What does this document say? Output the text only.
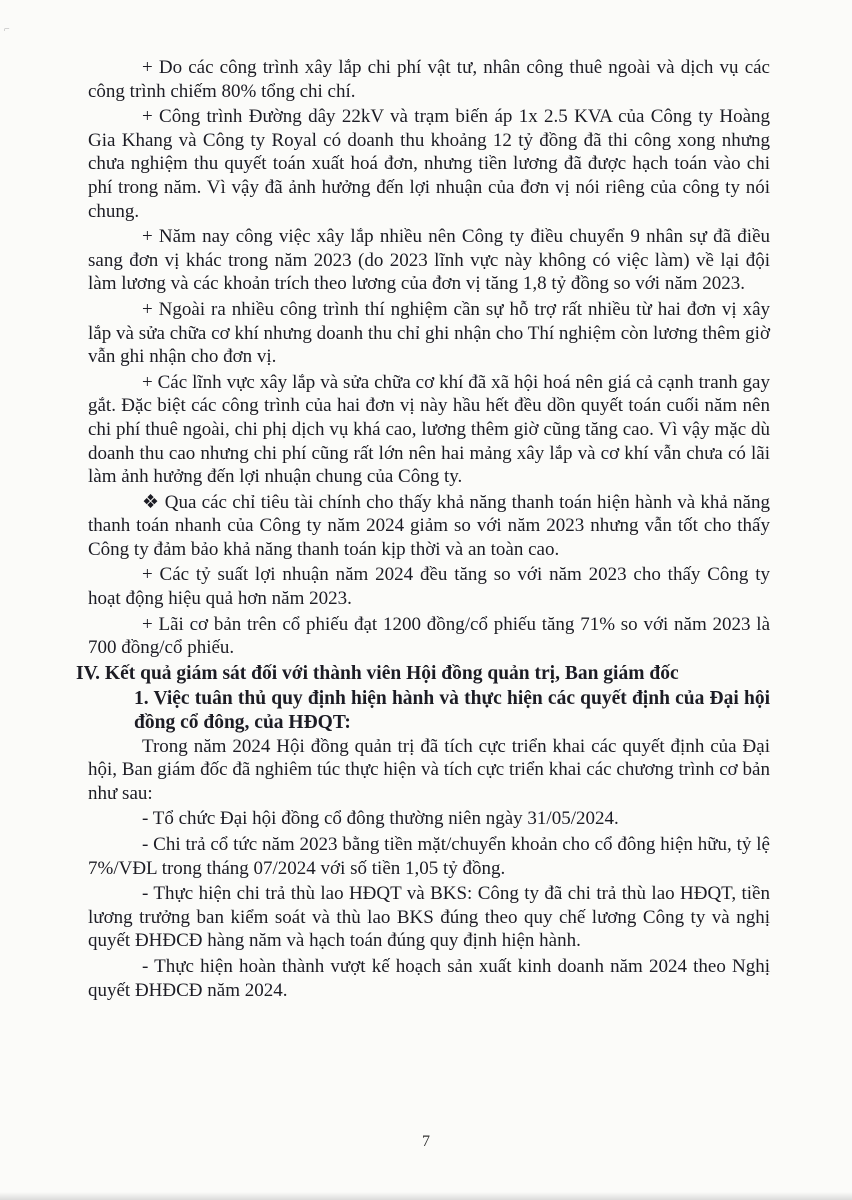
⌐

+ Do các công trình xây lắp chi phí vật tư, nhân công thuê ngoài và dịch vụ các công trình chiếm 80% tổng chi chí.

+ Công trình Đường dây 22kV và trạm biến áp 1x 2.5 KVA của Công ty Hoàng Gia Khang và Công ty Royal có doanh thu khoảng 12 tỷ đồng đã thi công xong nhưng chưa nghiệm thu quyết toán xuất hoá đơn, nhưng tiền lương đã được hạch toán vào chi phí trong năm. Vì vậy đã ảnh hưởng đến lợi nhuận của đơn vị nói riêng của công ty nói chung.

+ Năm nay công việc xây lắp nhiều nên Công ty điều chuyển 9 nhân sự đã điều sang đơn vị khác trong năm 2023 (do 2023 lĩnh vực này không có việc làm) về lại đội làm lương và các khoản trích theo lương của đơn vị tăng 1,8 tỷ đồng so với năm 2023.

+ Ngoài ra nhiều công trình thí nghiệm cần sự hỗ trợ rất nhiều từ hai đơn vị xây lắp và sửa chữa cơ khí nhưng doanh thu chỉ ghi nhận cho Thí nghiệm còn lương thêm giờ vẫn ghi nhận cho đơn vị.

+ Các lĩnh vực xây lắp và sửa chữa cơ khí đã xã hội hoá nên giá cả cạnh tranh gay gắt. Đặc biệt các công trình của hai đơn vị này hầu hết đều dồn quyết toán cuối năm nên chi phí thuê ngoài, chi phị dịch vụ khá cao, lương thêm giờ cũng tăng cao. Vì vậy mặc dù doanh thu cao nhưng chi phí cũng rất lớn nên hai mảng xây lắp và cơ khí vẫn chưa có lãi làm ảnh hưởng đến lợi nhuận chung của Công ty.

❖ Qua các chỉ tiêu tài chính cho thấy khả năng thanh toán hiện hành và khả năng thanh toán nhanh của Công ty năm 2024 giảm so với năm 2023 nhưng vẫn tốt cho thấy Công ty đảm bảo khả năng thanh toán kịp thời và an toàn cao.

+ Các tỷ suất lợi nhuận năm 2024 đều tăng so với năm 2023 cho thấy Công ty hoạt động hiệu quả hơn năm 2023.

+ Lãi cơ bản trên cổ phiếu đạt 1200 đồng/cổ phiếu tăng 71% so với năm 2023 là 700 đồng/cổ phiếu.

IV. Kết quả giám sát đối với thành viên Hội đồng quản trị, Ban giám đốc

1. Việc tuân thủ quy định hiện hành và thực hiện các quyết định của Đại hội đồng cổ đông, của HĐQT:

Trong năm 2024 Hội đồng quản trị đã tích cực triển khai các quyết định của Đại hội, Ban giám đốc đã nghiêm túc thực hiện và tích cực triển khai các chương trình cơ bản như sau:

- Tổ chức Đại hội đồng cổ đông thường niên ngày 31/05/2024.

- Chi trả cổ tức năm 2023 bằng tiền mặt/chuyển khoản cho cổ đông hiện hữu, tỷ lệ 7%/VĐL trong tháng 07/2024 với số tiền 1,05 tỷ đồng.

- Thực hiện chi trả thù lao HĐQT và BKS: Công ty đã chi trả thù lao HĐQT, tiền lương trưởng ban kiểm soát và thù lao BKS đúng theo quy chế lương Công ty và nghị quyết ĐHĐCĐ hàng năm và hạch toán đúng quy định hiện hành.

- Thực hiện hoàn thành vượt kế hoạch sản xuất kinh doanh năm 2024 theo Nghị quyết ĐHĐCĐ năm 2024.

7
